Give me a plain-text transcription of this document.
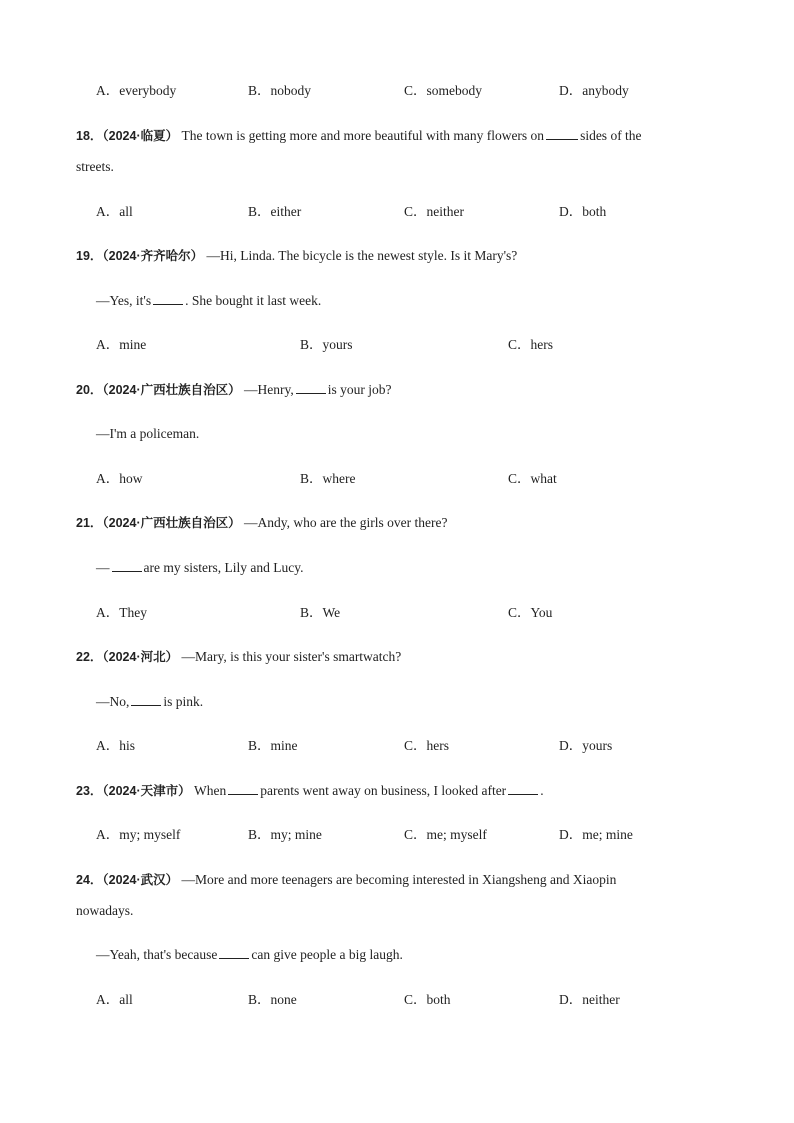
A．everybody	B．nobody	C．somebody	D．anybody
18．（2024·临夏） The town is getting more and more beautiful with many flowers on	sides of the
streets.
A．all	B．either	C．neither	D．both
19．（2024·齐齐哈尔） —Hi, Linda. The bicycle is the newest style. Is it Mary's?
—Yes, it's	. She bought it last week.
A．mine	B．yours	C．hers
20．（2024·广西壮族自治区） —Henry,	is your job?
—I'm a policeman.
A．how	B．where	C．what
21．（2024·广西壮族自治区） —Andy, who are the girls over there?
—	are my sisters, Lily and Lucy.
A．They	B．We	C．You
22．（2024·河北） —Mary, is this your sister's smartwatch?
—No,	is pink.
A．his	B．mine	C．hers	D．yours
23．（2024·天津市） When	parents went away on business, I looked after	.
A．my; myself	B．my; mine	C．me; myself	D．me; mine
24．（2024·武汉） —More and more teenagers are becoming interested in Xiangsheng and Xiaopin
nowadays.
—Yeah, that's because	can give people a big laugh.
A．all	B．none	C．both	D．neither
